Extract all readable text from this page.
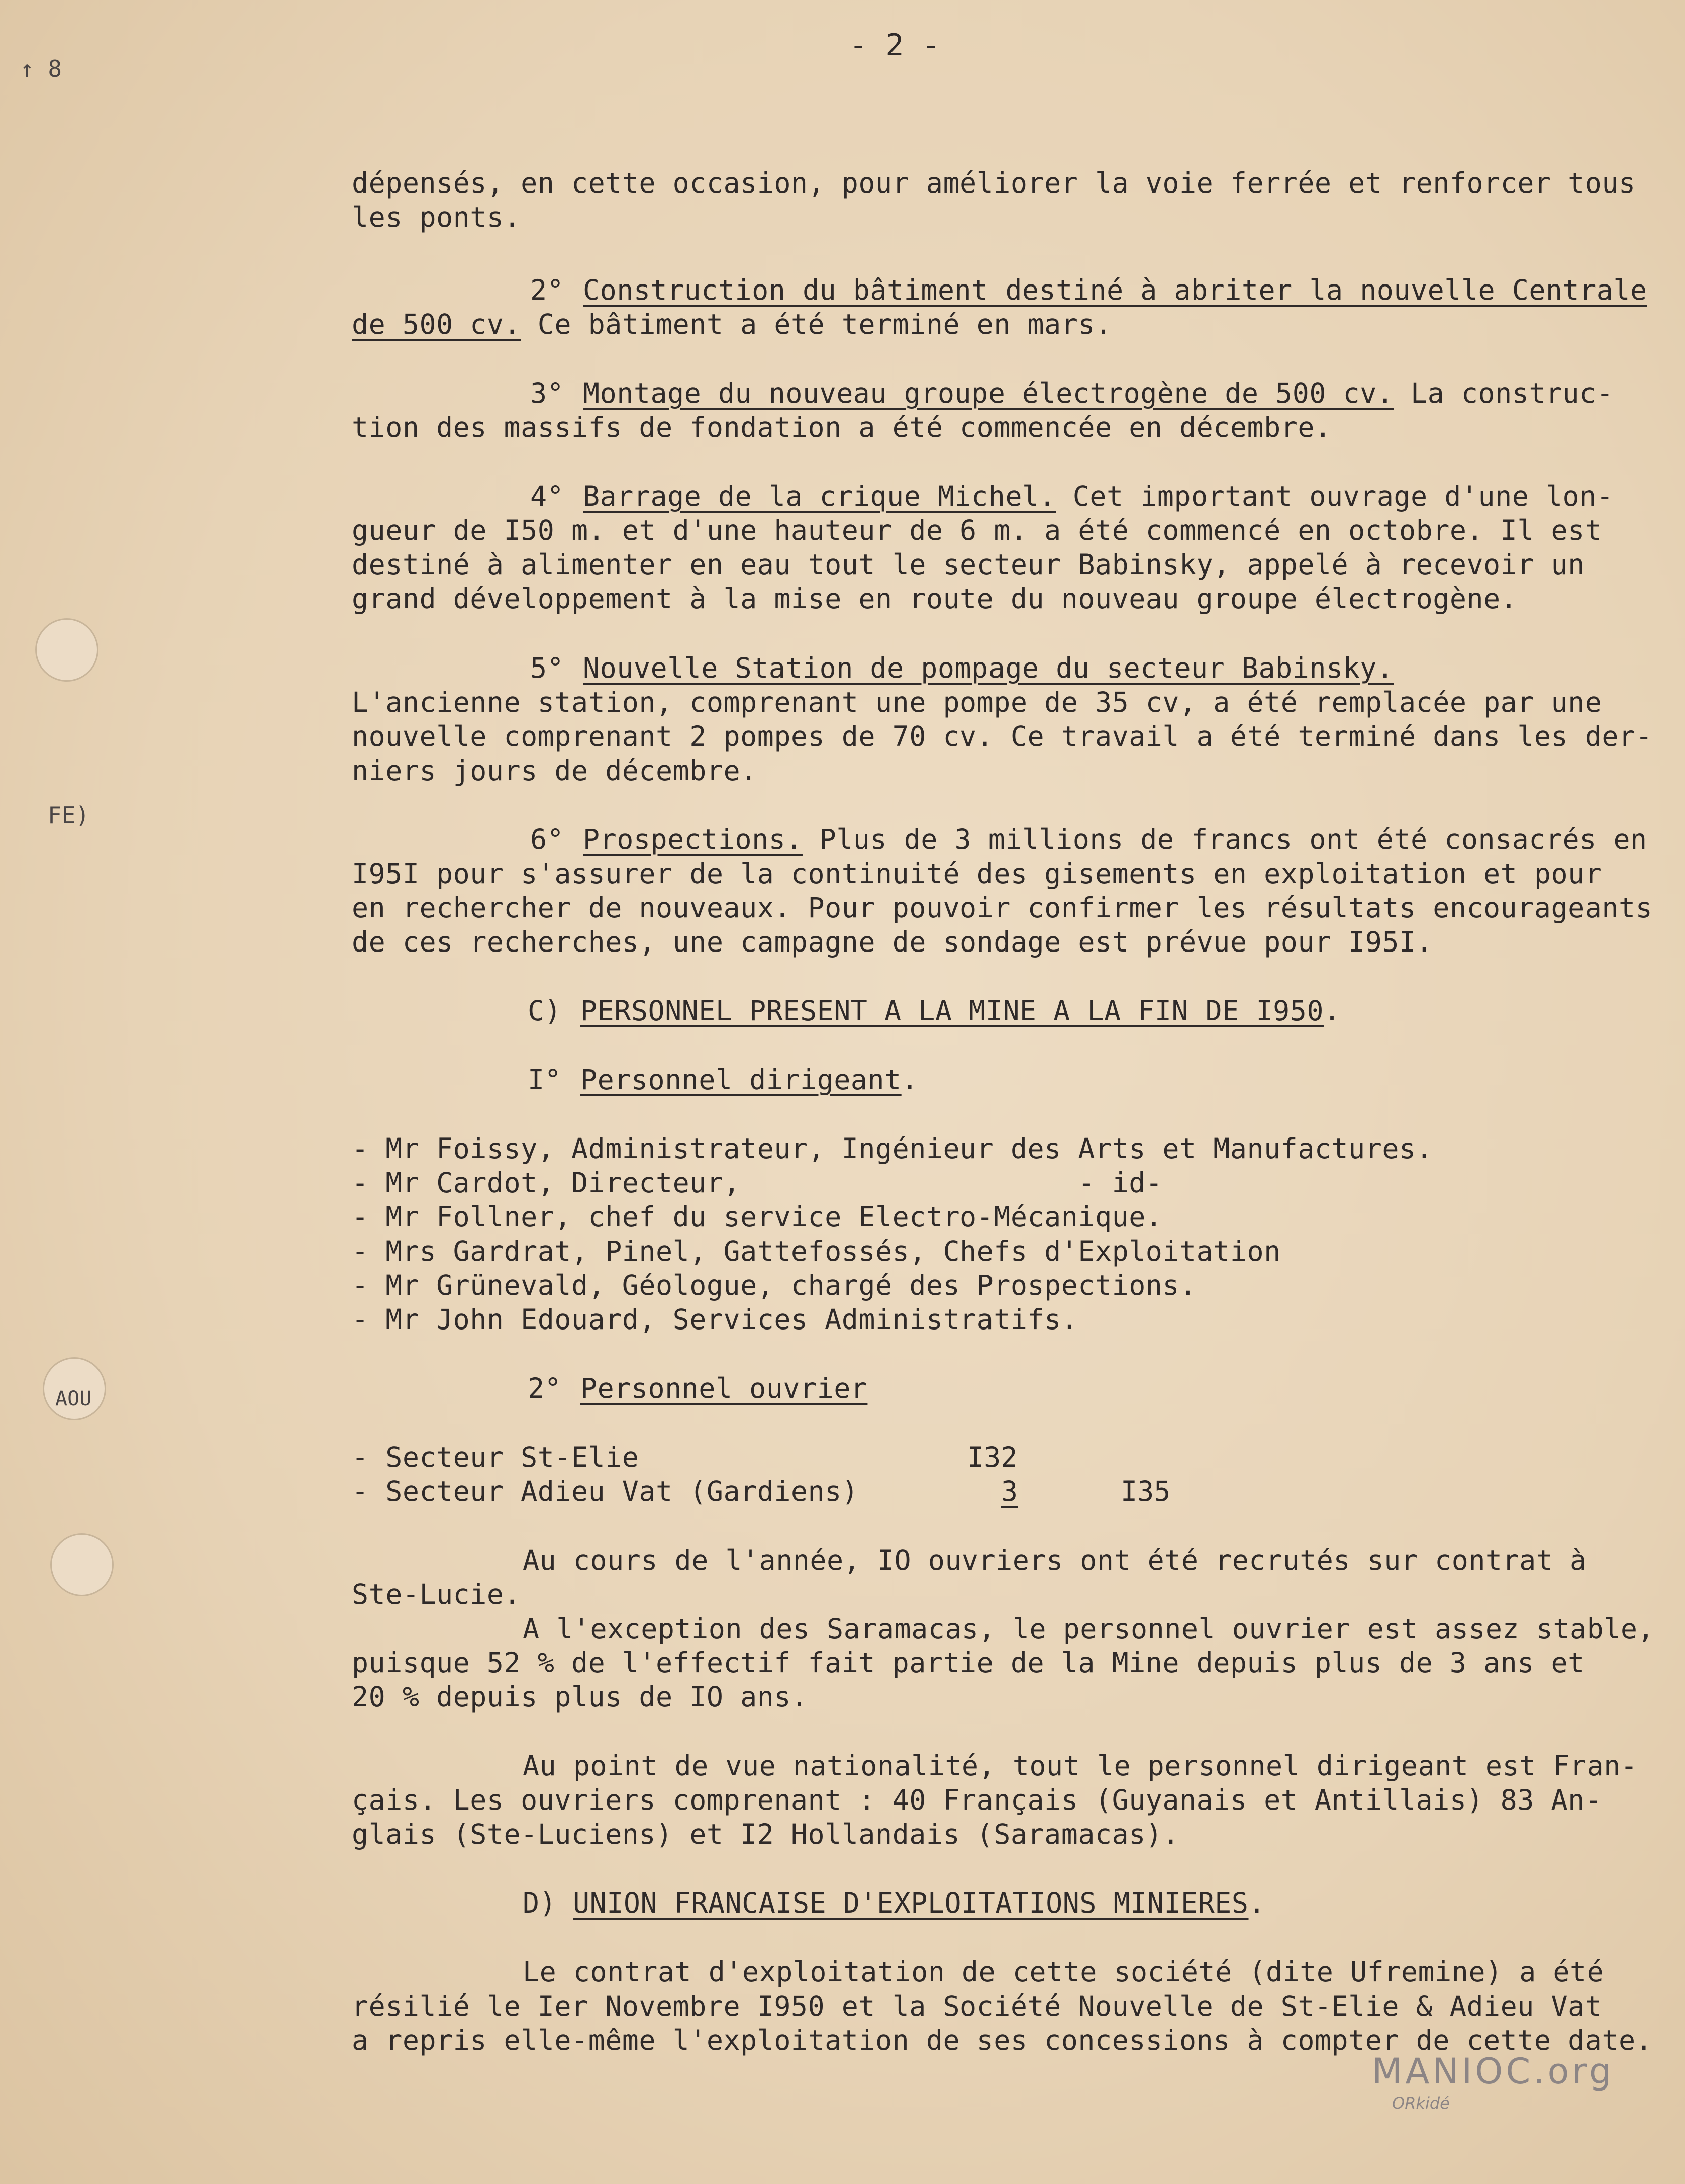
- 2 -
↑ 8
FE)
AOU
dépensés, en cette occasion, pour améliorer la voie ferrée et renforcer tous
les ponts.
2° Construction du bâtiment destiné à abriter la nouvelle Centrale
de 500 cv. Ce bâtiment a été terminé en mars.
3° Montage du nouveau groupe électrogène de 500 cv. La construc-
tion des massifs de fondation a été commencée en décembre.
4° Barrage de la crique Michel. Cet important ouvrage d'une lon-
gueur de I50 m. et d'une hauteur de 6 m. a été commencé en octobre. Il est
destiné à alimenter en eau tout le secteur Babinsky, appelé à recevoir un
grand développement à la mise en route du nouveau groupe électrogène.
5° Nouvelle Station de pompage du secteur Babinsky.
L'ancienne station, comprenant une pompe de 35 cv, a été remplacée par une
nouvelle comprenant 2 pompes de 70 cv. Ce travail a été terminé dans les der-
niers jours de décembre.
6° Prospections. Plus de 3 millions de francs ont été consacrés en
I95I pour s'assurer de la continuité des gisements en exploitation et pour
en rechercher de nouveaux. Pour pouvoir confirmer les résultats encourageants
de ces recherches, une campagne de sondage est prévue pour I95I.
C) PERSONNEL PRESENT A LA MINE A LA FIN DE I950.
I° Personnel dirigeant.
- Mr Foissy, Administrateur, Ingénieur des Arts et Manufactures.
- Mr Cardot, Directeur,                    - id-
- Mr Follner, chef du service Electro-Mécanique.
- Mrs Gardrat, Pinel, Gattefossés, Chefs d'Exploitation
- Mr Grünevald, Géologue, chargé des Prospections.
- Mr John Edouard, Services Administratifs.
2° Personnel ouvrier
- Secteur St-Elie	I32
- Secteur Adieu Vat (Gardiens)	3	I35
Au cours de l'année, IO ouvriers ont été recrutés sur contrat à
Ste-Lucie.
A l'exception des Saramacas, le personnel ouvrier est assez stable,
puisque 52 % de l'effectif fait partie de la Mine depuis plus de 3 ans et
20 % depuis plus de IO ans.
Au point de vue nationalité, tout le personnel dirigeant est Fran-
çais. Les ouvriers comprenant : 40 Français (Guyanais et Antillais) 83 An-
glais (Ste-Luciens) et I2 Hollandais (Saramacas).
D) UNION FRANCAISE D'EXPLOITATIONS MINIERES.
Le contrat d'exploitation de cette société (dite Ufremine) a été
résilié le Ier Novembre I950 et la Société Nouvelle de St-Elie & Adieu Vat
a repris elle-même l'exploitation de ses concessions à compter de cette date.
MANIOC.org
ORkidé
